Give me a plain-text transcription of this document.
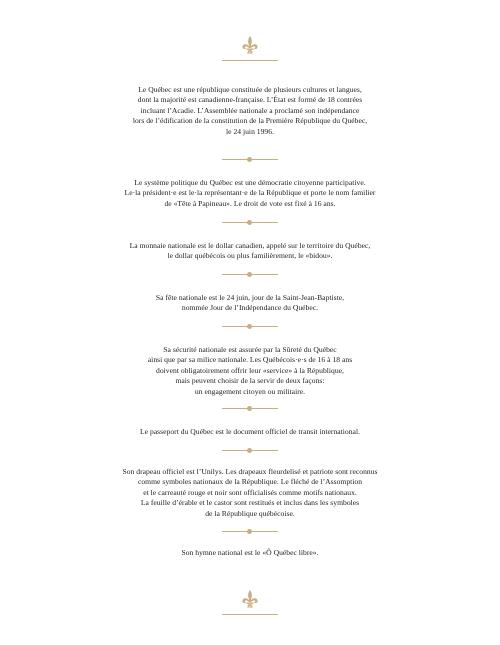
Le Québec est une république constituée de plusieurs cultures et langues,
dont la majorité est canadienne-française. L’État est formé de 18 contrées
incluant l’Acadie. L’Assemblée nationale a proclamé son indépendance
lors de l’édification de la constitution de la Première République du Québec,
le 24 juin 1996.
Le système politique du Québec est une démocratie citoyenne participative.
Le·la président·e est le·la représentant·e de la République et porte le nom familier
de «Tête à Papineau». Le droit de vote est fixé à 16 ans.
La monnaie nationale est le dollar canadien, appelé sur le territoire du Québec,
le dollar québécois ou plus familièrement, le «bidou».
Sa fête nationale est le 24 juin, jour de la Saint-Jean-Baptiste,
nommée Jour de l’Indépendance du Québec.
Sa sécurité nationale est assurée par la Sûreté du Québec
ainsi que par sa milice nationale. Les Québécois·e·s de 16 à 18 ans
doivent obligatoirement offrir leur «service» à la République,
mais peuvent choisir de la servir de deux façons:
un engagement citoyen ou militaire.
Le passeport du Québec est le document officiel de transit international.
Son drapeau officiel est l’Unilys. Les drapeaux fleurdelisé et patriote sont reconnus
comme symboles nationaux de la République. Le fléché de l’Assomption
et le carreauté rouge et noir sont officialisés comme motifs nationaux.
La feuille d’érable et le castor sont restitués et inclus dans les symboles
de la République québécoise.
Son hymne national est le «Ô Québec libre».
